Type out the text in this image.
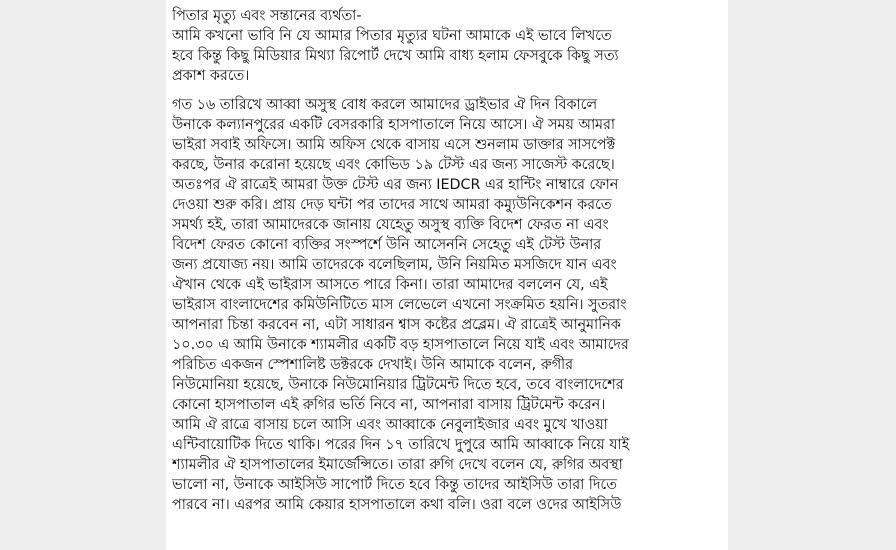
পিতার মৃত্যু এবং সন্তানের ব্যর্থতা-

আমি কখনো ভাবি নি যে আমার পিতার মৃত্যুর ঘটনা আমাকে এই ভাবে লিখতে
হবে কিন্তু কিছু মিডিয়ার মিথ্যা রিপোর্ট দেখে আমি বাধ্য হলাম ফেসবুকে কিছু সত্য
প্রকাশ করতে।

গত ১৬ তারিখে আব্বা অসুস্থ বোধ করলে আমাদের ড্রাইভার ঐ দিন বিকালে
উনাকে কল্যানপুরের একটি বেসরকারি হাসপাতালে নিয়ে আসে। ঐ সময় আমরা
ভাইরা সবাই অফিসে। আমি অফিস থেকে বাসায় এসে শুনলাম ডাক্তার সাসপেক্ট
করছে, উনার করোনা হয়েছে এবং কোভিড ১৯ টেস্ট এর জন্য সাজেস্ট করেছে।
অতঃপর ঐ রাত্রেই আমরা উক্ত টেস্ট এর জন্য IEDCR এর হান্টিং নাম্বারে ফোন
দেওয়া শুরু করি। প্রায় দেড় ঘন্টা পর তাদের সাথে আমরা কম্যুউনিকেশন করতে
সমর্থ্য হই, তারা আমাদেরকে জানায় যেহেতু অসুস্থ ব্যক্তি বিদেশ ফেরত না এবং
বিদেশ ফেরত কোনো ব্যক্তির সংস্পর্শে উনি আসেননি সেহেতু এই টেস্ট উনার
জন্য প্রযোজ্য নয়। আমি তাদেরকে বলেছিলাম, উনি নিয়মিত মসজিদে যান এবং
ঐখান থেকে এই ভাইরাস আসতে পারে কিনা। তারা আমাদের বললেন যে, এই
ভাইরাস বাংলাদেশের কমিউনিটিতে মাস লেভেলে এখনো সংক্রমিত হয়নি। সুতরাং
আপনারা চিন্তা করবেন না, এটা সাধারন শ্বাস কষ্টের প্রব্লেম। ঐ রাত্রেই আনুমানিক
১০.৩০ এ আমি উনাকে শ্যামলীর একটি বড় হাসপাতালে নিয়ে যাই এবং আমাদের
পরিচিত একজন স্পেশালিষ্ট ডক্টরকে দেখাই। উনি আমাকে বলেন, রুগীর
নিউমোনিয়া হয়েছে, উনাকে নিউমোনিয়ার ট্রিটমেন্ট দিতে হবে, তবে বাংলাদেশের
কোনো হাসপাতাল এই রুগির ভর্তি নিবে না, আপনারা বাসায় ট্রিটমেন্ট করেন।
আমি ঐ রাত্রে বাসায় চলে আসি এবং আব্বাকে নেবুলাইজার এবং মুখে খাওয়া
এন্টিবায়োটিক দিতে থাকি। পরের দিন ১৭ তারিখে দুপুরে আমি আব্বাকে নিয়ে যাই
শ্যামলীর ঐ হাসপাতালের ইমার্জেন্সিতে। তারা রুগি দেখে বলেন যে, রুগির অবস্থা
ভালো না, উনাকে আইসিউ সাপোর্ট দিতে হবে কিন্তু তাদের আইসিউ তারা দিতে
পারবে না। এরপর আমি কেয়ার হাসপাতালে কথা বলি। ওরা বলে ওদের আইসিউ
